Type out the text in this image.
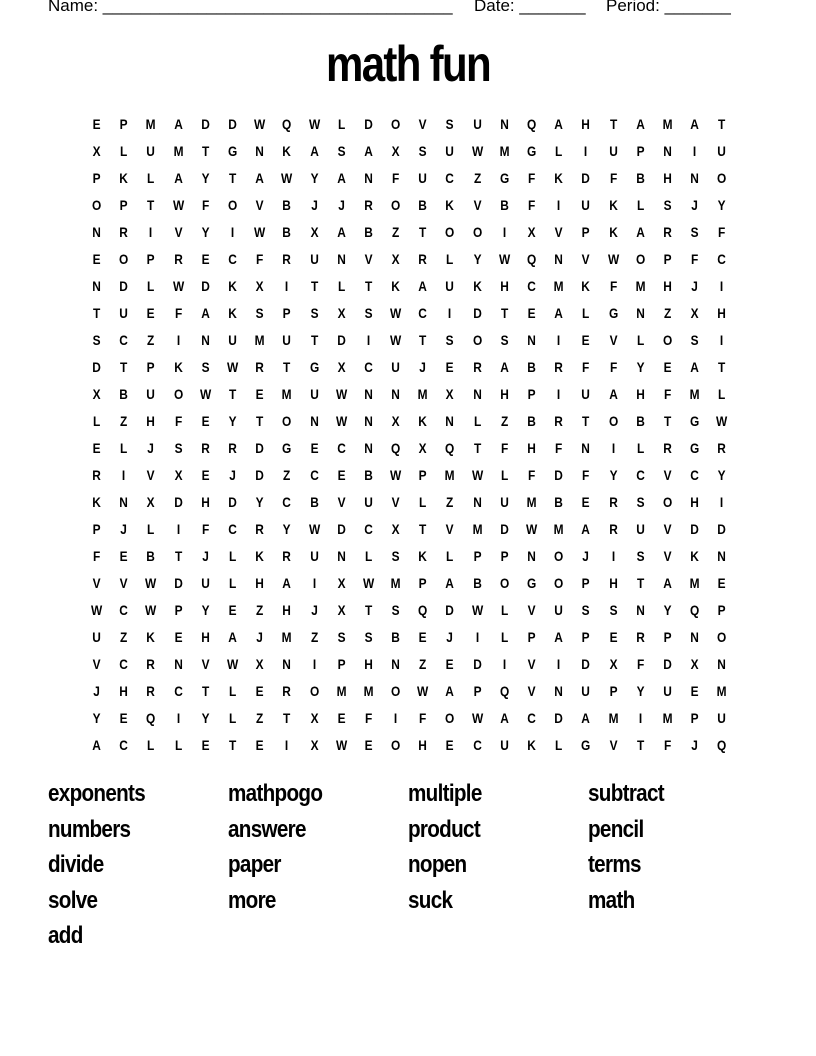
Name: _____________________________________ Date: _______ Period: _______
math fun
E	P	M	A	D	D	W	Q	W	L	D	O	V	S	U	N	Q	A	H	T	A	M	A	T
X	L	U	M	T	G	N	K	A	S	A	X	S	U	W	M	G	L	I	U	P	N	I	U
P	K	L	A	Y	T	A	W	Y	A	N	F	U	C	Z	G	F	K	D	F	B	H	N	O
O	P	T	W	F	O	V	B	J	J	R	O	B	K	V	B	F	I	U	K	L	S	J	Y
N	R	I	V	Y	I	W	B	X	A	B	Z	T	O	O	I	X	V	P	K	A	R	S	F
E	O	P	R	E	C	F	R	U	N	V	X	R	L	Y	W	Q	N	V	W	O	P	F	C
N	D	L	W	D	K	X	I	T	L	T	K	A	U	K	H	C	M	K	F	M	H	J	I
T	U	E	F	A	K	S	P	S	X	S	W	C	I	D	T	E	A	L	G	N	Z	X	H
S	C	Z	I	N	U	M	U	T	D	I	W	T	S	O	S	N	I	E	V	L	O	S	I
D	T	P	K	S	W	R	T	G	X	C	U	J	E	R	A	B	R	F	F	Y	E	A	T
X	B	U	O	W	T	E	M	U	W	N	N	M	X	N	H	P	I	U	A	H	F	M	L
L	Z	H	F	E	Y	T	O	N	W	N	X	K	N	L	Z	B	R	T	O	B	T	G	W
E	L	J	S	R	R	D	G	E	C	N	Q	X	Q	T	F	H	F	N	I	L	R	G	R
R	I	V	X	E	J	D	Z	C	E	B	W	P	M	W	L	F	D	F	Y	C	V	C	Y
K	N	X	D	H	D	Y	C	B	V	U	V	L	Z	N	U	M	B	E	R	S	O	H	I
P	J	L	I	F	C	R	Y	W	D	C	X	T	V	M	D	W	M	A	R	U	V	D	D
F	E	B	T	J	L	K	R	U	N	L	S	K	L	P	P	N	O	J	I	S	V	K	N
V	V	W	D	U	L	H	A	I	X	W	M	P	A	B	O	G	O	P	H	T	A	M	E
W	C	W	P	Y	E	Z	H	J	X	T	S	Q	D	W	L	V	U	S	S	N	Y	Q	P
U	Z	K	E	H	A	J	M	Z	S	S	B	E	J	I	L	P	A	P	E	R	P	N	O
V	C	R	N	V	W	X	N	I	P	H	N	Z	E	D	I	V	I	D	X	F	D	X	N
J	H	R	C	T	L	E	R	O	M	M	O	W	A	P	Q	V	N	U	P	Y	U	E	M
Y	E	Q	I	Y	L	Z	T	X	E	F	I	F	O	W	A	C	D	A	M	I	M	P	U
A	C	L	L	E	T	E	I	X	W	E	O	H	E	C	U	K	L	G	V	T	F	J	Q
exponents	mathpogo	multiple	subtract
numbers	answere	product	pencil
divide	paper	nopen	terms
solve	more	suck	math
add
